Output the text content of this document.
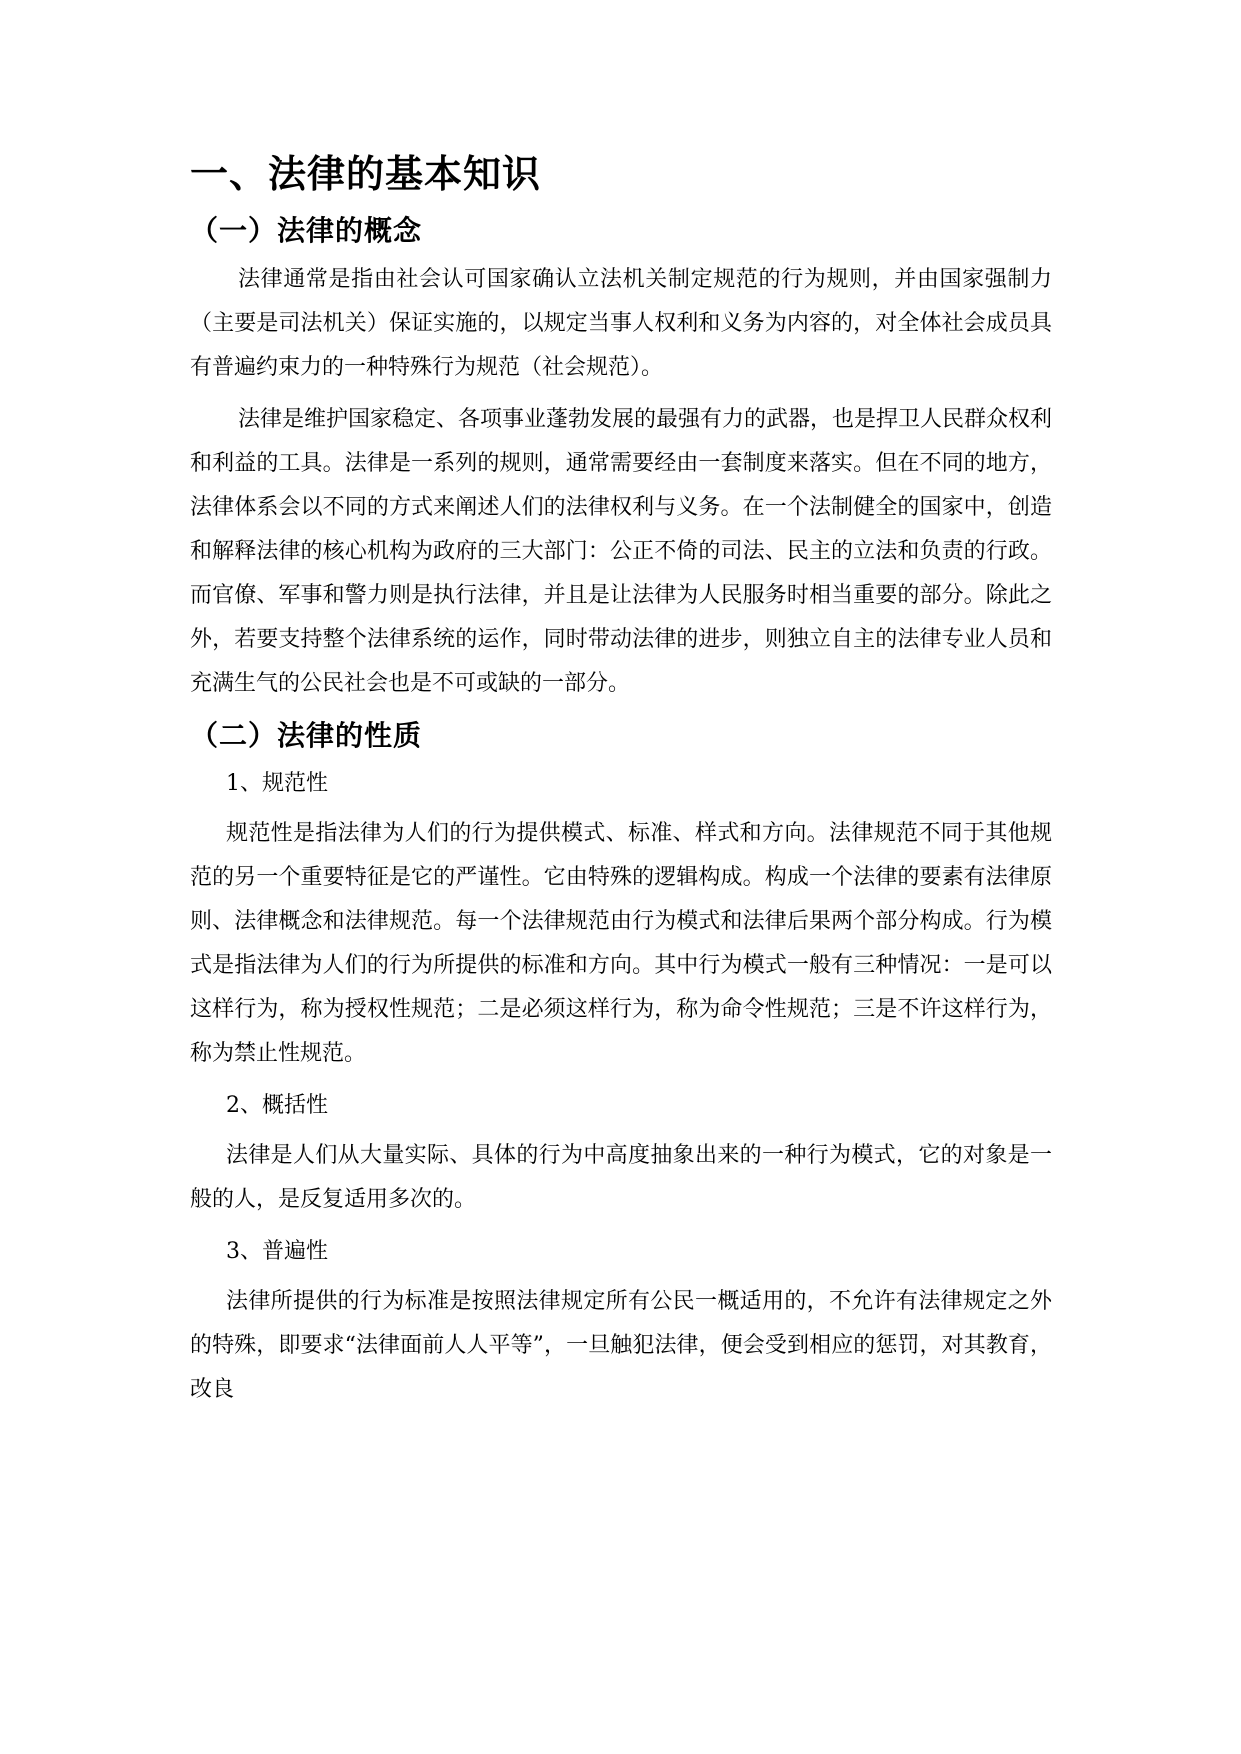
一、法律的基本知识
（一）法律的概念

法律通常是指由社会认可国家确认立法机关制定规范的行为规则，并由国家强制力（主要是司法机关）保证实施的，以规定当事人权利和义务为内容的，对全体社会成员具有普遍约束力的一种特殊行为规范（社会规范）。

法律是维护国家稳定、各项事业蓬勃发展的最强有力的武器，也是捍卫人民群众权利和利益的工具。法律是一系列的规则，通常需要经由一套制度来落实。但在不同的地方，法律体系会以不同的方式来阐述人们的法律权利与义务。在一个法制健全的国家中，创造和解释法律的核心机构为政府的三大部门：公正不倚的司法、民主的立法和负责的行政。而官僚、军事和警力则是执行法律，并且是让法律为人民服务时相当重要的部分。除此之外，若要支持整个法律系统的运作，同时带动法律的进步，则独立自主的法律专业人员和充满生气的公民社会也是不可或缺的一部分。

（二）法律的性质
1、规范性

规范性是指法律为人们的行为提供模式、标准、样式和方向。法律规范不同于其他规范的另一个重要特征是它的严谨性。它由特殊的逻辑构成。构成一个法律的要素有法律原则、法律概念和法律规范。每一个法律规范由行为模式和法律后果两个部分构成。行为模式是指法律为人们的行为所提供的标准和方向。其中行为模式一般有三种情况：一是可以这样行为，称为授权性规范；二是必须这样行为，称为命令性规范；三是不许这样行为，称为禁止性规范。

2、概括性

法律是人们从大量实际、具体的行为中高度抽象出来的一种行为模式，它的对象是一般的人，是反复适用多次的。

3、普遍性

法律所提供的行为标准是按照法律规定所有公民一概适用的，不允许有法律规定之外的特殊，即要求“法律面前人人平等”，一旦触犯法律，便会受到相应的惩罚，对其教育，改良
